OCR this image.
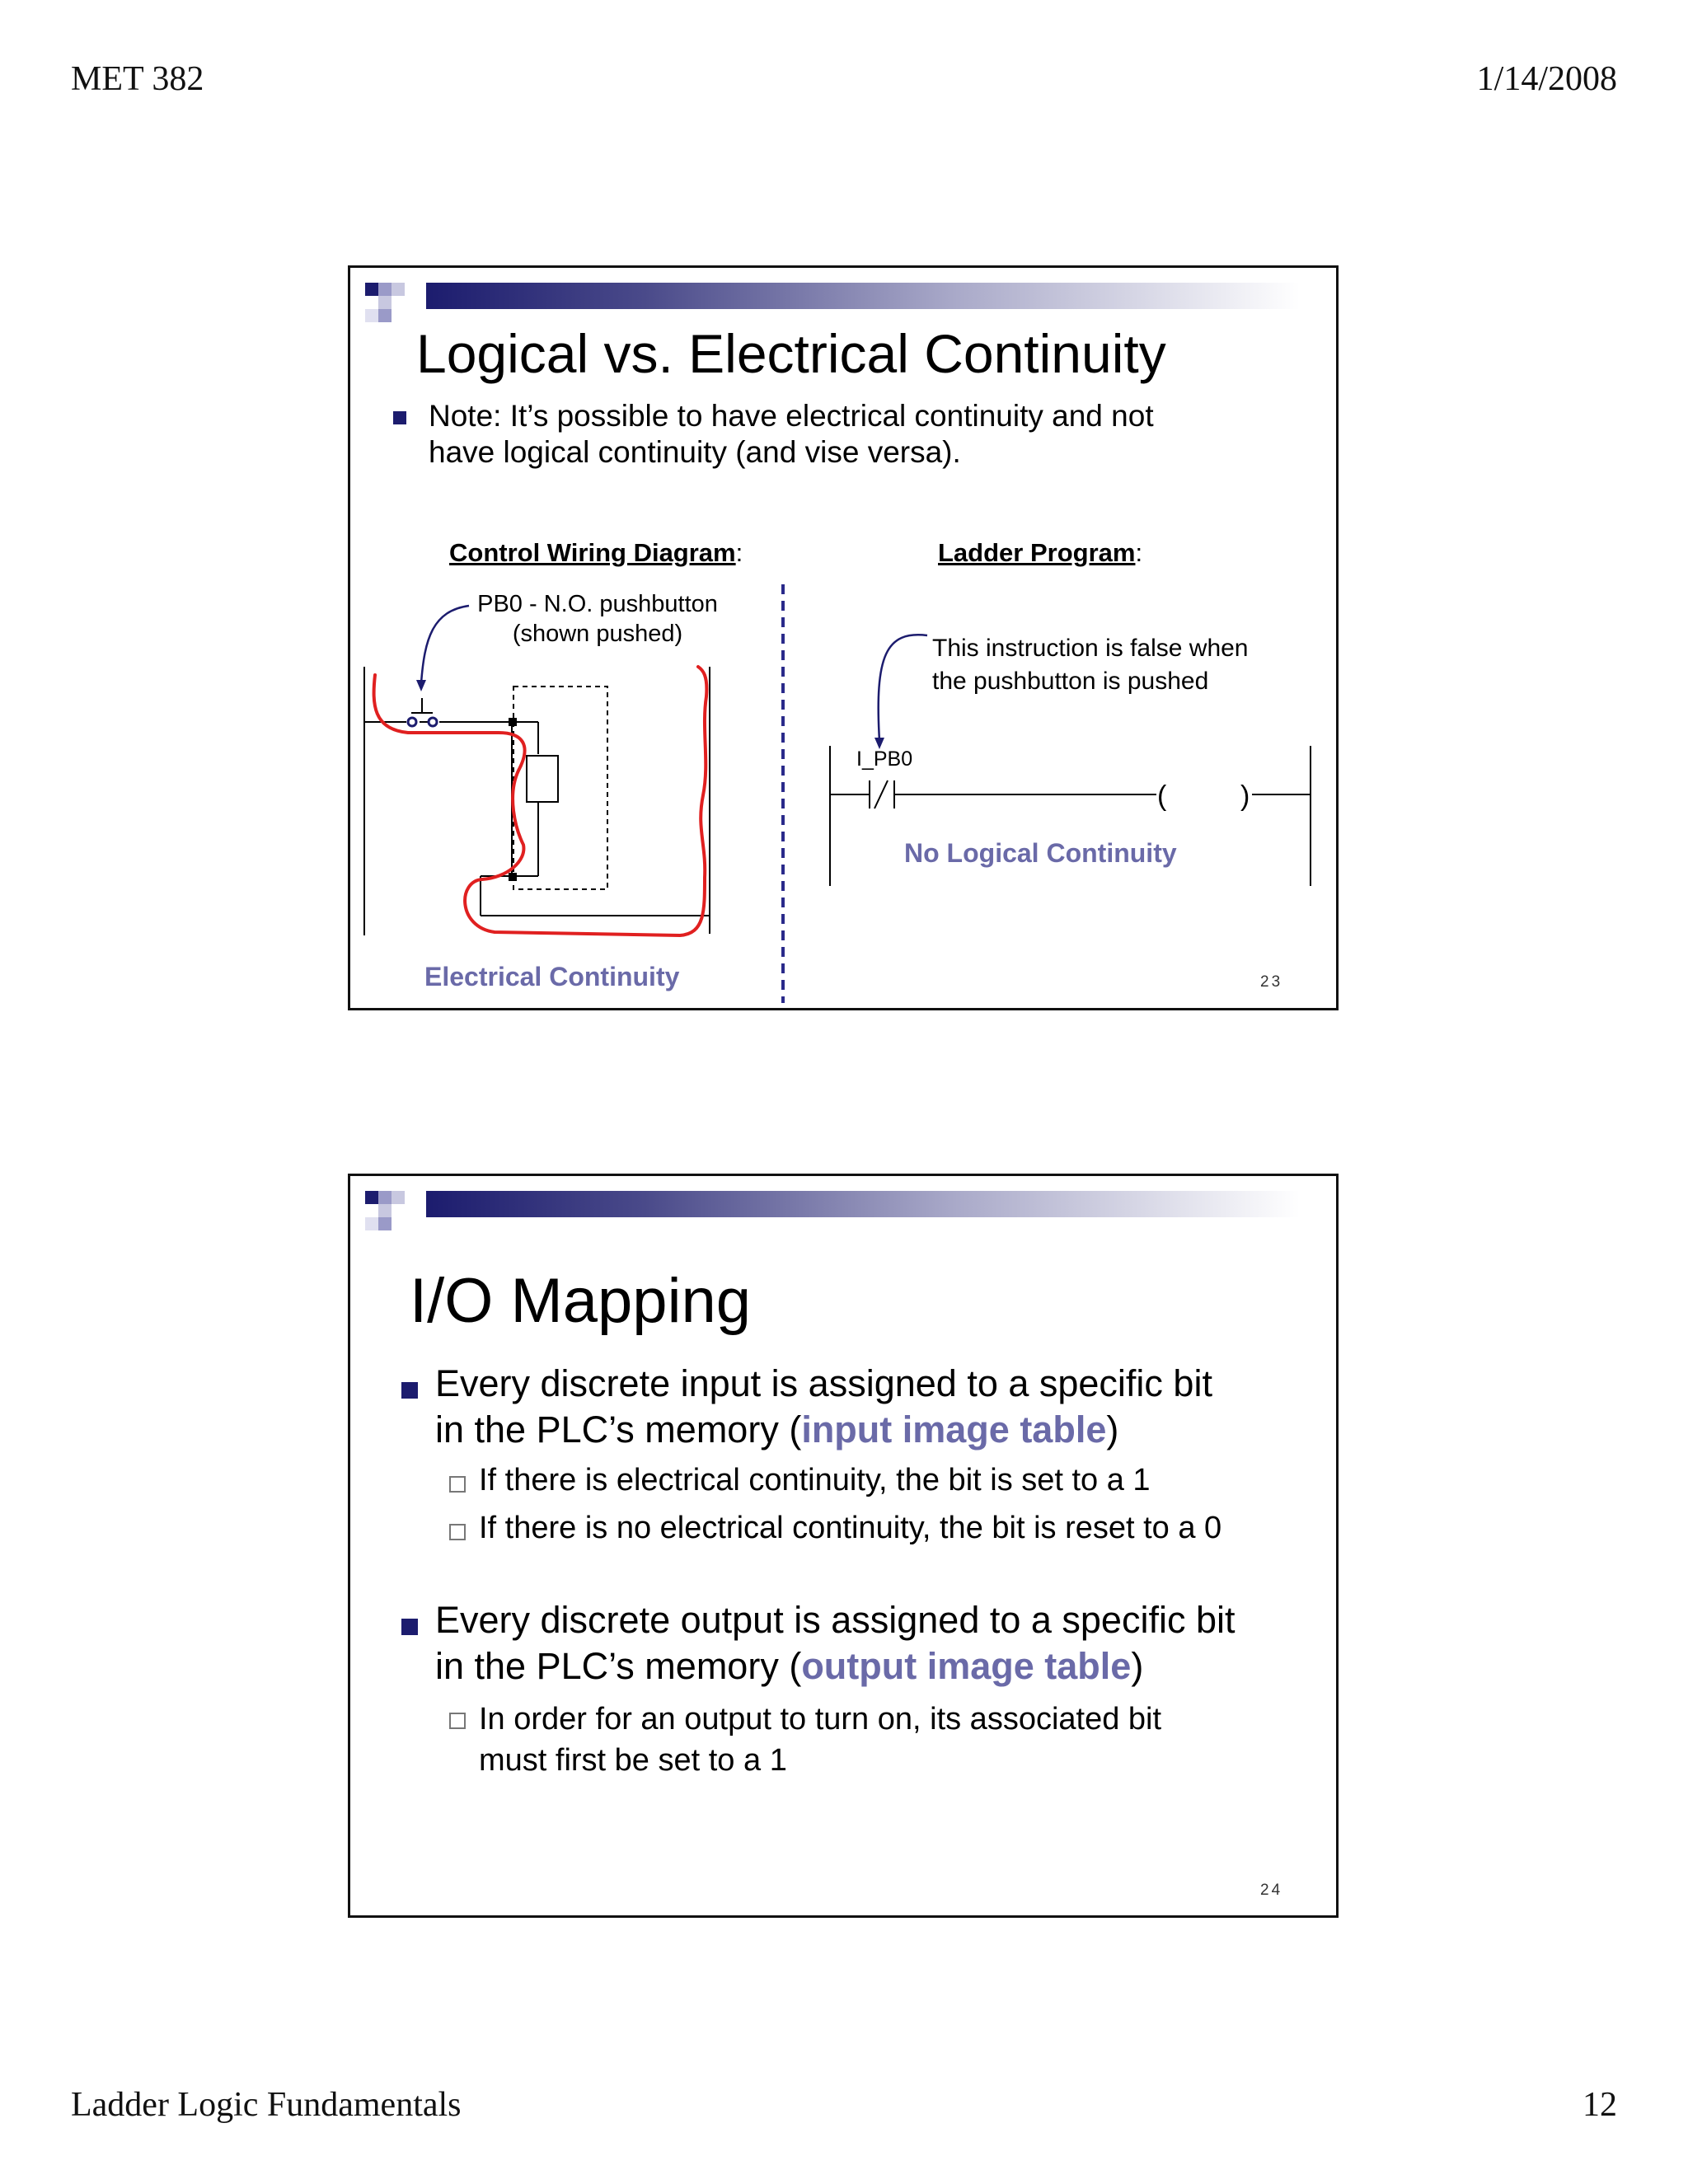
MET 382	1/14/2008
Logical vs. Electrical Continuity
Note: It’s possible to have electrical continuity and not
have logical continuity (and vise versa).
Control Wiring Diagram:	Ladder Program:
(	)
PB0 - N.O. pushbutton
(shown pushed)
This instruction is false when
the pushbutton is pushed
I_PB0
No Logical Continuity
Electrical Continuity	23
I/O Mapping
Every discrete input is assigned to a specific bit
in the PLC’s memory (input image table)
If there is electrical continuity, the bit is set to a 1
If there is no electrical continuity, the bit is reset to a 0
Every discrete output is assigned to a specific bit
in the PLC’s memory (output image table)
In order for an output to turn on, its associated bit
must first be set to a 1
24
Ladder Logic Fundamentals	12
